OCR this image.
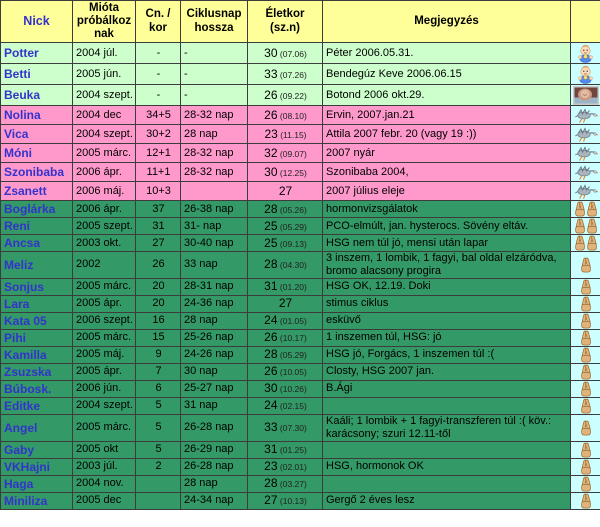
Nick	Mióta próbálkoz nak	Cn. / kor	Ciklusnap hossza	Életkor (sz.n)	Megjegyzés	
Potter	2004 júl.	-	-	30 (07.06)	Péter 2006.05.31.	
Betti	2005 jún.	-	-	33 (07.26)	Bendegúz Keve 2006.06.15	
Beuka	2004 szept.	-	-	26 (09.22)	Botond 2006 okt.29.	
Nolina	2004 dec	34+5	28-32 nap	26 (08.10)	Ervin, 2007.jan.21	
Vica	2004 szept.	30+2	28 nap	23 (11.15)	Attila 2007 febr. 20 (vagy 19 :))	
Móni	2005 márc.	12+1	28-32 nap	32 (09.07)	2007 nyár	
Szonibaba	2006 ápr.	11+1	28-32 nap	30 (12.25)	Szonibaba 2004,	
Zsanett	2006 máj.	10+3		27	2007 július eleje	
Boglárka	2006 ápr.	37	26-38 nap	28 (05.26)	hormonvizsgálatok	
Reni	2005 szept.	31	31- nap	25 (05.29)	PCO-elmúlt, jan. hysterocs. Sövény eltáv.	
Ancsa	2003 okt.	27	30-40 nap	25 (09.13)	HSG nem túl jó, mensi után lapar	
Meliz	2002	26	33 nap	28 (04.30)	3 inszem, 1 lombik, 1 fagyi, bal oldal elzáródva, bromo alacsony progira	
Sonjus	2005 márc.	20	28-31 nap	31 (01.20)	HSG OK, 12.19. Doki	
Lara	2005 ápr.	20	24-36 nap	27	stimus ciklus	
Kata 05	2006 szept.	16	28 nap	24 (01.05)	esküvő	
Pihi	2005 márc.	15	25-26 nap	26 (10.17)	1 inszemen túl, HSG: jó	
Kamilla	2005 máj.	9	24-26 nap	28 (05.29)	HSG jó, Forgács, 1 inszemen túl :(	
Zsuzska	2005 ápr.	7	30 nap	26 (10.05)	Closty, HSG 2007 jan.	
Búbosk.	2006 jún.	6	25-27 nap	30 (10.26)	B.Ági	
Editke	2004 szept.	5	31 nap	24 (02.15)		
Angel	2005 márc.	5	26-28 nap	33 (07.30)	Kaáli; 1 lombik + 1 fagyi-transzferen túl :( köv.: karácsony; szuri 12.11-től	
Gaby	2005 okt	5	26-29 nap	31 (01.25)		
VKHajni	2003 júl.	2	26-28 nap	23 (02.01)	HSG, hormonok OK	
Haga	2004 nov.		28 nap	28 (03.27)		
Miniliza	2005 dec		24-34 nap	27 (10.13)	Gergő 2 éves lesz	
